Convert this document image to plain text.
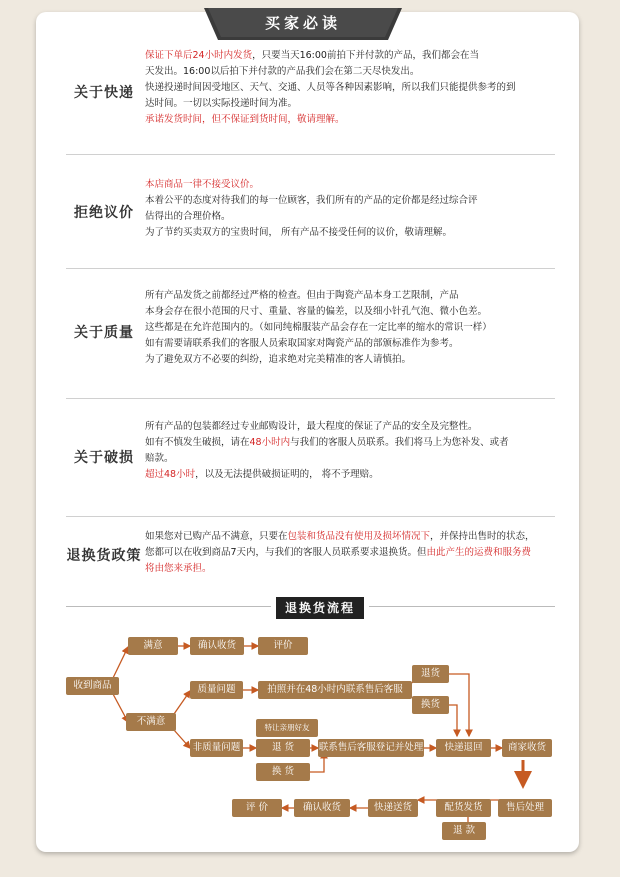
买家必读
关于快递

保证下单后24小时内发货，只要当天16:00前拍下并付款的产品，我们都会在当

天发出。16:00以后拍下并付款的产品我们会在第二天尽快发出。

快递投递时间因受地区、天气、交通、人员等各种因素影响，所以我们只能提供参考的到

达时间。一切以实际投递时间为准。

承诺发货时间，但不保证到货时间，敬请理解。

拒绝议价

本店商品一律不接受议价。

本着公平的态度对待我们的每一位顾客，我们所有的产品的定价都是经过综合评

估得出的合理价格。

为了节约买卖双方的宝贵时间， 所有产品不接受任何的议价，敬请理解。

关于质量

所有产品发货之前都经过严格的检查。但由于陶瓷产品本身工艺限制，产品

本身会存在很小范围的尺寸、重量、容量的偏差，以及细小针孔气泡、微小色差。

这些都是在允许范围内的。（如同纯棉服装产品会存在一定比率的缩水的常识一样）

如有需要请联系我们的客服人员索取国家对陶瓷产品的部颁标准作为参考。

为了避免双方不必要的纠纷，追求绝对完美精准的客人请慎拍。

关于破损

所有产品的包装都经过专业邮购设计，最大程度的保证了产品的安全及完整性。

如有不慎发生破损，请在48小时内与我们的客服人员联系。我们将马上为您补发、或者

赔款。

超过48小时，以及无法提供破损证明的， 将不予理赔。

退换货政策

如果您对已购产品不满意，只要在包装和货品没有使用及损坏情况下，并保持出售时的状态，

您都可以在收到商品7天内，与我们的客服人员联系要求退换货。但由此产生的运费和服务费

将由您来承担。

退换货流程
收到商品
满意	确认收货	评价
不满意
质量问题	拍照并在48小时内联系售后客服
退货
换货
非质量问题
特让亲朋好友
退 货
换 货
联系售后客服登记并处理	快递退回	商家收货
售后处理
配货发货
退 款
快递送货
确认收货
评 价
